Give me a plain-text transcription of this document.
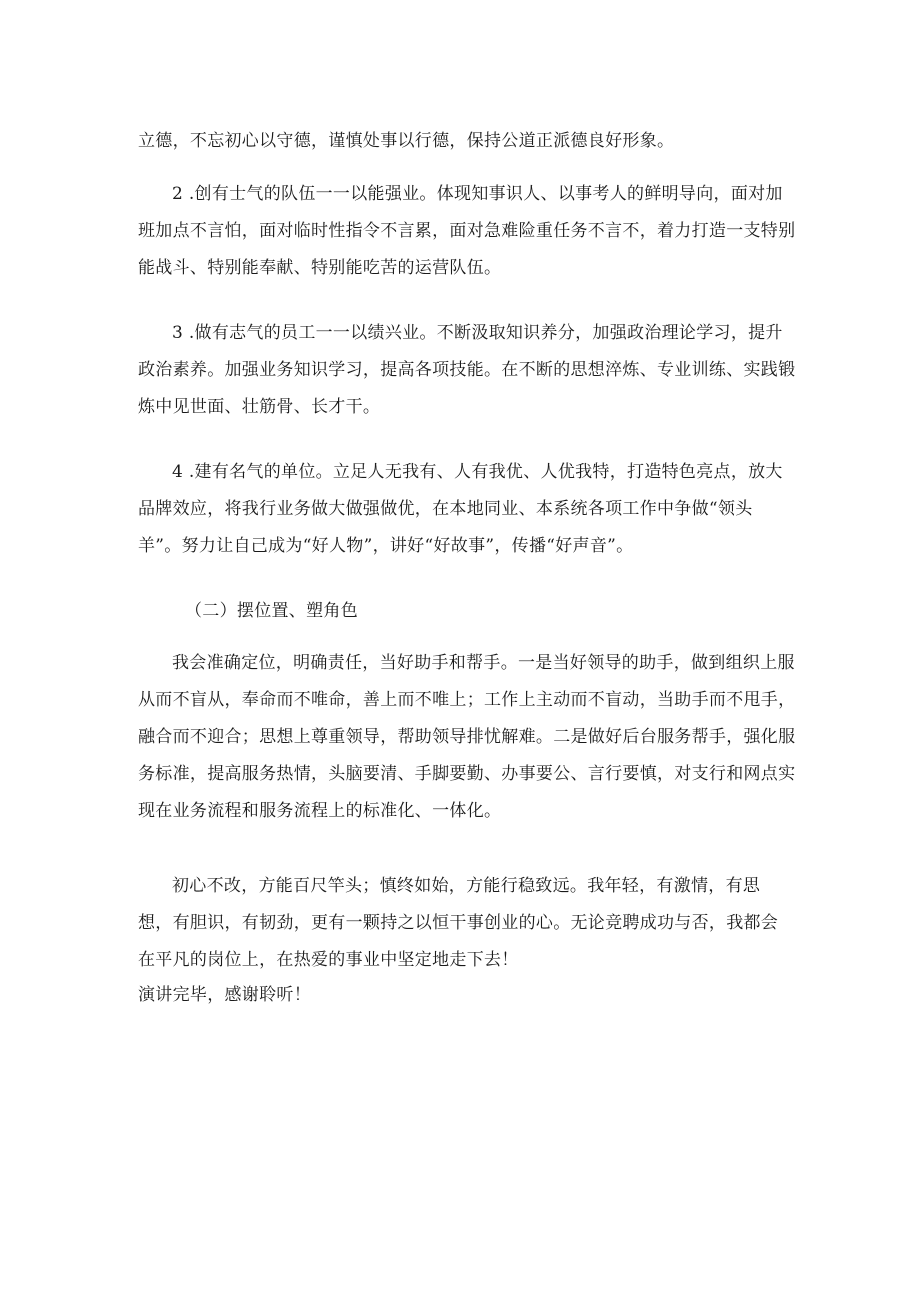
立德，不忘初心以守德，谨慎处事以行德，保持公道正派德良好形象。

2 .创有士气的队伍一一以能强业。体现知事识人、以事考人的鲜明导向，面对加
班加点不言怕，面对临时性指令不言累，面对急难险重任务不言不，着力打造一支特别
能战斗、特别能奉献、特别能吃苦的运营队伍。

3 .做有志气的员工一一以绩兴业。不断汲取知识养分，加强政治理论学习，提升
政治素养。加强业务知识学习，提高各项技能。在不断的思想淬炼、专业训练、实践锻
炼中见世面、壮筋骨、长才干。

4 .建有名气的单位。立足人无我有、人有我优、人优我特，打造特色亮点，放大
品牌效应，将我行业务做大做强做优，在本地同业、本系统各项工作中争做“领头
羊”。努力让自己成为“好人物”，讲好“好故事”，传播“好声音”。

（二）摆位置、塑角色

我会准确定位，明确责任，当好助手和帮手。一是当好领导的助手，做到组织上服
从而不盲从，奉命而不唯命，善上而不唯上；工作上主动而不盲动，当助手而不甩手，
融合而不迎合；思想上尊重领导，帮助领导排忧解难。二是做好后台服务帮手，强化服
务标准，提高服务热情，头脑要清、手脚要勤、办事要公、言行要慎，对支行和网点实
现在业务流程和服务流程上的标准化、一体化。

初心不改，方能百尺竿头；慎终如始，方能行稳致远。我年轻，有激情，有思
想，有胆识，有韧劲，更有一颗持之以恒干事创业的心。无论竞聘成功与否，我都会
在平凡的岗位上，在热爱的事业中坚定地走下去！

演讲完毕，感谢聆听！
